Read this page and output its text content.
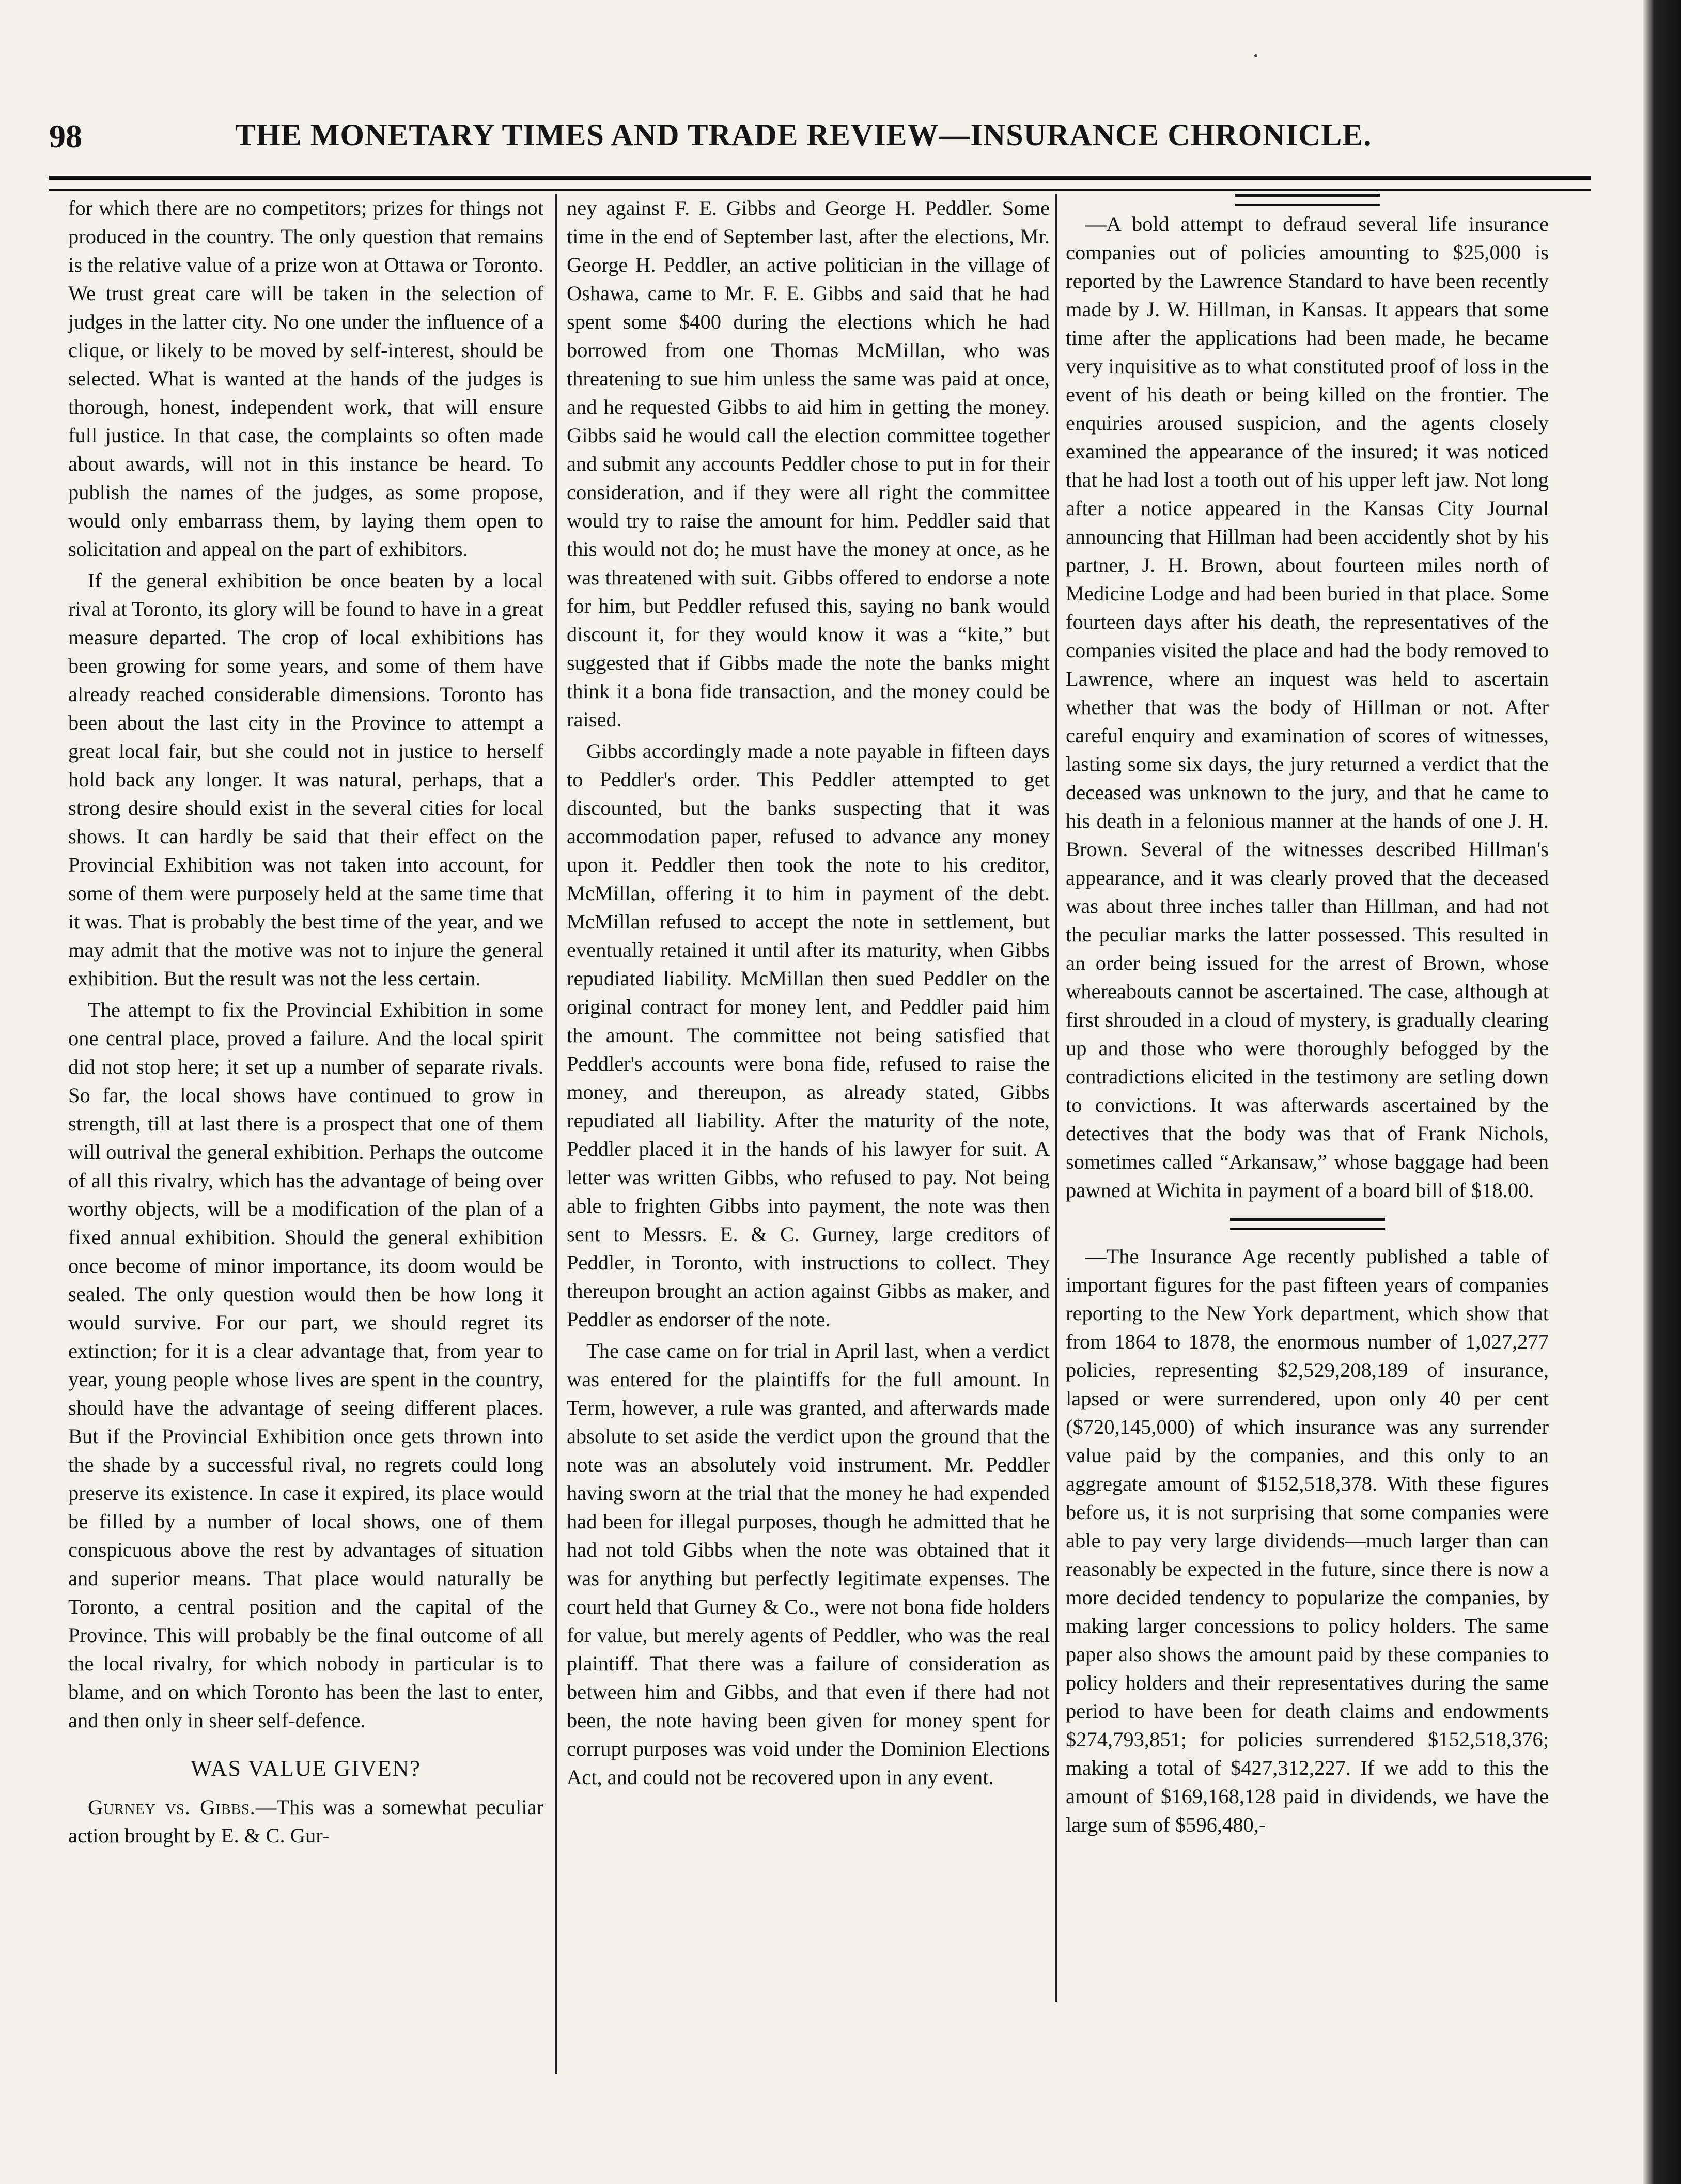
98	THE MONETARY TIMES AND TRADE REVIEW—INSURANCE CHRONICLE.

for which there are no competitors; prizes for things not produced in the country. The only question that remains is the relative value of a prize won at Ottawa or Toronto. We trust great care will be taken in the selection of judges in the latter city. No one under the influence of a clique, or likely to be moved by self-interest, should be selected. What is wanted at the hands of the judges is thorough, honest, independent work, that will ensure full justice. In that case, the complaints so often made about awards, will not in this instance be heard. To publish the names of the judges, as some propose, would only embarrass them, by laying them open to solicitation and appeal on the part of exhibitors.

If the general exhibition be once beaten by a local rival at Toronto, its glory will be found to have in a great measure departed. The crop of local exhibitions has been growing for some years, and some of them have already reached considerable dimensions. Toronto has been about the last city in the Province to attempt a great local fair, but she could not in justice to herself hold back any longer. It was natural, perhaps, that a strong desire should exist in the several cities for local shows. It can hardly be said that their effect on the Provincial Exhibition was not taken into account, for some of them were purposely held at the same time that it was. That is probably the best time of the year, and we may admit that the motive was not to injure the general exhibition. But the result was not the less certain.

The attempt to fix the Provincial Exhibition in some one central place, proved a failure. And the local spirit did not stop here; it set up a number of separate rivals. So far, the local shows have continued to grow in strength, till at last there is a prospect that one of them will outrival the general exhibition. Perhaps the outcome of all this rivalry, which has the advantage of being over worthy objects, will be a modification of the plan of a fixed annual exhibition. Should the general exhibition once become of minor importance, its doom would be sealed. The only question would then be how long it would survive. For our part, we should regret its extinction; for it is a clear advantage that, from year to year, young people whose lives are spent in the country, should have the advantage of seeing different places. But if the Provincial Exhibition once gets thrown into the shade by a successful rival, no regrets could long preserve its existence. In case it expired, its place would be filled by a number of local shows, one of them conspicuous above the rest by advantages of situation and superior means. That place would naturally be Toronto, a central position and the capital of the Province. This will probably be the final outcome of all the local rivalry, for which nobody in particular is to blame, and on which Toronto has been the last to enter, and then only in sheer self-defence.

WAS VALUE GIVEN?

Gurney vs. Gibbs.—This was a somewhat peculiar action brought by E. & C. Gur-

ney against F. E. Gibbs and George H. Peddler. Some time in the end of September last, after the elections, Mr. George H. Peddler, an active politician in the village of Oshawa, came to Mr. F. E. Gibbs and said that he had spent some $400 during the elections which he had borrowed from one Thomas McMillan, who was threatening to sue him unless the same was paid at once, and he requested Gibbs to aid him in getting the money. Gibbs said he would call the election committee together and submit any accounts Peddler chose to put in for their consideration, and if they were all right the committee would try to raise the amount for him. Peddler said that this would not do; he must have the money at once, as he was threatened with suit. Gibbs offered to endorse a note for him, but Peddler refused this, saying no bank would discount it, for they would know it was a “kite,” but suggested that if Gibbs made the note the banks might think it a bona fide transaction, and the money could be raised.

Gibbs accordingly made a note payable in fifteen days to Peddler's order. This Peddler attempted to get discounted, but the banks suspecting that it was accommodation paper, refused to advance any money upon it. Peddler then took the note to his creditor, McMillan, offering it to him in payment of the debt. McMillan refused to accept the note in settlement, but eventually retained it until after its maturity, when Gibbs repudiated liability. McMillan then sued Peddler on the original contract for money lent, and Peddler paid him the amount. The committee not being satisfied that Peddler's accounts were bona fide, refused to raise the money, and thereupon, as already stated, Gibbs repudiated all liability. After the maturity of the note, Peddler placed it in the hands of his lawyer for suit. A letter was written Gibbs, who refused to pay. Not being able to frighten Gibbs into payment, the note was then sent to Messrs. E. & C. Gurney, large creditors of Peddler, in Toronto, with instructions to collect. They thereupon brought an action against Gibbs as maker, and Peddler as endorser of the note.

The case came on for trial in April last, when a verdict was entered for the plaintiffs for the full amount. In Term, however, a rule was granted, and afterwards made absolute to set aside the verdict upon the ground that the note was an absolutely void instrument. Mr. Peddler having sworn at the trial that the money he had expended had been for illegal purposes, though he admitted that he had not told Gibbs when the note was obtained that it was for anything but perfectly legitimate expenses. The court held that Gurney & Co., were not bona fide holders for value, but merely agents of Peddler, who was the real plaintiff. That there was a failure of consideration as between him and Gibbs, and that even if there had not been, the note having been given for money spent for corrupt purposes was void under the Dominion Elections Act, and could not be recovered upon in any event.

—A bold attempt to defraud several life insurance companies out of policies amounting to $25,000 is reported by the Lawrence Standard to have been recently made by J. W. Hillman, in Kansas. It appears that some time after the applications had been made, he became very inquisitive as to what constituted proof of loss in the event of his death or being killed on the frontier. The enquiries aroused suspicion, and the agents closely examined the appearance of the insured; it was noticed that he had lost a tooth out of his upper left jaw. Not long after a notice appeared in the Kansas City Journal announcing that Hillman had been accidently shot by his partner, J. H. Brown, about fourteen miles north of Medicine Lodge and had been buried in that place. Some fourteen days after his death, the representatives of the companies visited the place and had the body removed to Lawrence, where an inquest was held to ascertain whether that was the body of Hillman or not. After careful enquiry and examination of scores of witnesses, lasting some six days, the jury returned a verdict that the deceased was unknown to the jury, and that he came to his death in a felonious manner at the hands of one J. H. Brown. Several of the witnesses described Hillman's appearance, and it was clearly proved that the deceased was about three inches taller than Hillman, and had not the peculiar marks the latter possessed. This resulted in an order being issued for the arrest of Brown, whose whereabouts cannot be ascertained. The case, although at first shrouded in a cloud of mystery, is gradually clearing up and those who were thoroughly befogged by the contradictions elicited in the testimony are setling down to convictions. It was afterwards ascertained by the detectives that the body was that of Frank Nichols, sometimes called “Arkansaw,” whose baggage had been pawned at Wichita in payment of a board bill of $18.00.

—The Insurance Age recently published a table of important figures for the past fifteen years of companies reporting to the New York department, which show that from 1864 to 1878, the enormous number of 1,027,277 policies, representing $2,529,208,189 of insurance, lapsed or were surrendered, upon only 40 per cent ($720,145,000) of which insurance was any surrender value paid by the companies, and this only to an aggregate amount of $152,518,378. With these figures before us, it is not surprising that some companies were able to pay very large dividends—much larger than can reasonably be expected in the future, since there is now a more decided tendency to popularize the companies, by making larger concessions to policy holders. The same paper also shows the amount paid by these companies to policy holders and their representatives during the same period to have been for death claims and endowments $274,793,851; for policies surrendered $152,518,376; making a total of $427,312,227. If we add to this the amount of $169,168,128 paid in dividends, we have the large sum of $596,480,-
